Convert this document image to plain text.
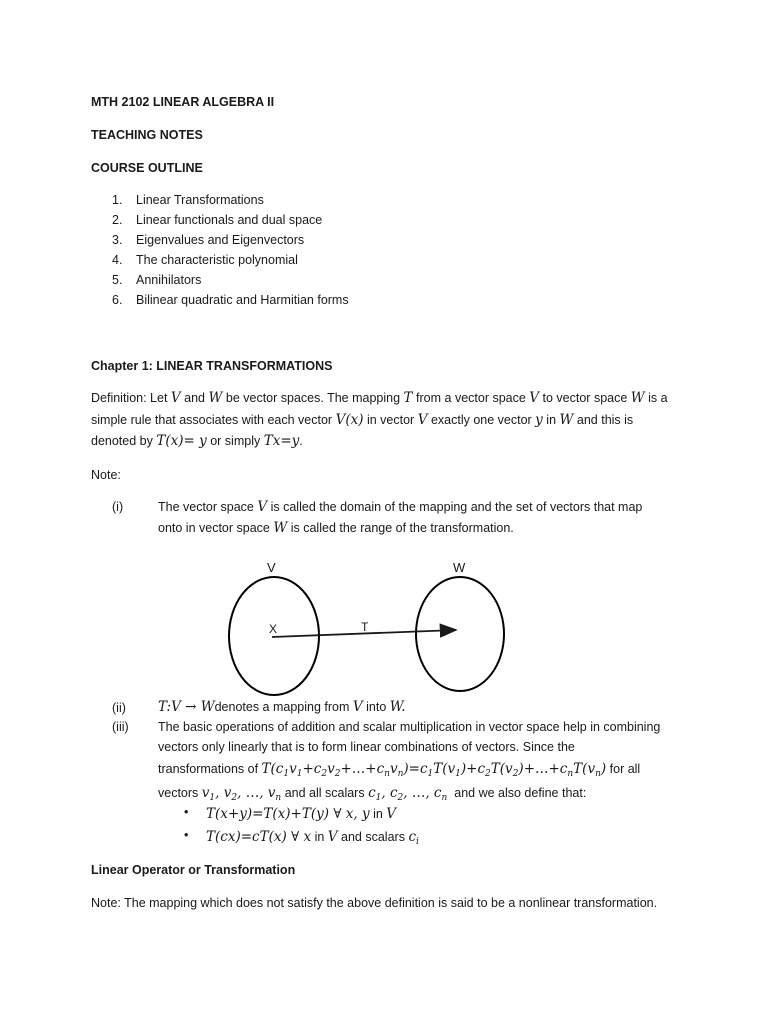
MTH 2102 LINEAR ALGEBRA II
TEACHING NOTES
COURSE OUTLINE
1. Linear Transformations
2. Linear functionals and dual space
3. Eigenvalues and Eigenvectors
4. The characteristic polynomial
5. Annihilators
6. Bilinear quadratic and Harmitian forms
Chapter 1: LINEAR TRANSFORMATIONS
Definition: Let V and W be vector spaces. The mapping T from a vector space V to vector space W is a
simple rule that associates with each vector V(x) in vector V exactly one vector y in W and this is
denoted by T(x)= y or simply Tx=y.
Note:
(i)	The vector space V is called the domain of the mapping and the set of vectors that map
onto in vector space W is called the range of the transformation.
V	W
X	T
(ii) T:V → Wdenotes a mapping from V into W.
(iii) The basic operations of addition and scalar multiplication in vector space help in combining
vectors only linearly that is to form linear combinations of vectors. Since the
transformations of $T(c_1v_1+c_2v_2+\dots+c_nv_n)=c_1T(v_1)+c_2T(v_2)+\dots+c_nT(v_n)$ for all
vectors $v_1$, $v_2$, …, $v_n$ and all scalars $c_1$, $c_2$, …, $c_n$ and we also define that:
• T(x+y)=T(x)+T(y) ∀ x, y in V
• T(cx)=cT(x) ∀ x in V and scalars $c_i$
Linear Operator or Transformation
Note: The mapping which does not satisfy the above definition is said to be a nonlinear transformation.
